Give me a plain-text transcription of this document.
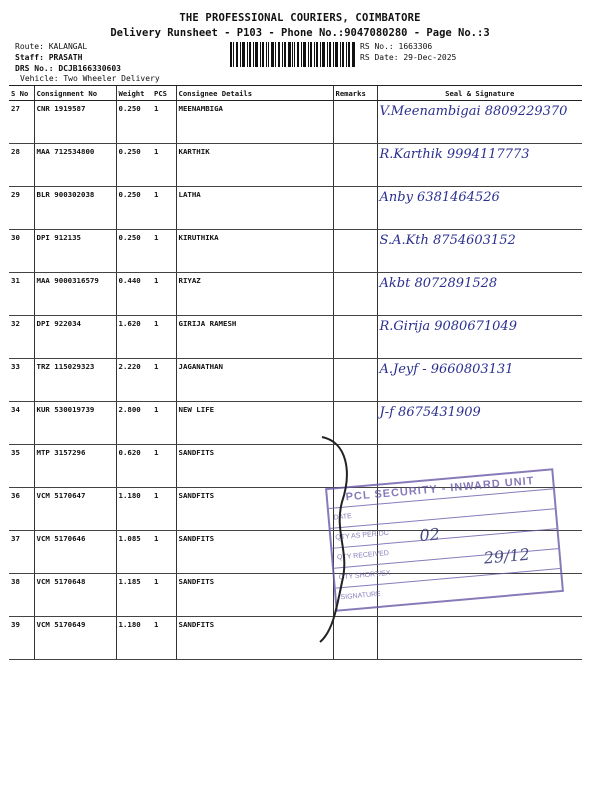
THE PROFESSIONAL COURIERS, COIMBATORE
Delivery Runsheet - P103 - Phone No.:9047080280 - Page No.:3
Route: KALANGAL
Staff: PRASATH
DRS No.: DCJB166330603
Vehicle: Two Wheeler Delivery
RS No.: 1663306
RS Date: 29-Dec-2025
S No	Consignment No	Weight	PCS	Consignee Details	Remarks	Seal & Signature
27	CNR 1919587	0.250	1	MEENAMBIGA		V.Meenambigai 8809229370
28	MAA 712534800	0.250	1	KARTHIK		R.Karthik 9994117773
29	BLR 900302038	0.250	1	LATHA		Anby 6381464526
30	DPI 912135	0.250	1	KIRUTHIKA		S.A.Kth 8754603152
31	MAA 9000316579	0.440	1	RIYAZ		Akbt 8072891528
32	DPI 922034	1.620	1	GIRIJA RAMESH		R.Girija 9080671049
33	TRZ 115029323	2.220	1	JAGANATHAN		A.Jeyf - 9660803131
34	KUR 530019739	2.800	1	NEW LIFE		J-f 8675431909
35	MTP 3157296	0.620	1	SANDFITS		
36	VCM 5170647	1.180	1	SANDFITS		
37	VCM 5170646	1.085	1	SANDFITS		
38	VCM 5170648	1.185	1	SANDFITS		
39	VCM 5170649	1.180	1	SANDFITS		
PCL SECURITY - INWARD UNIT
DATE
QTY AS PER DC
QTY RECEIVED
QTY SHORT/EX
SIGNATURE
02
29/12
